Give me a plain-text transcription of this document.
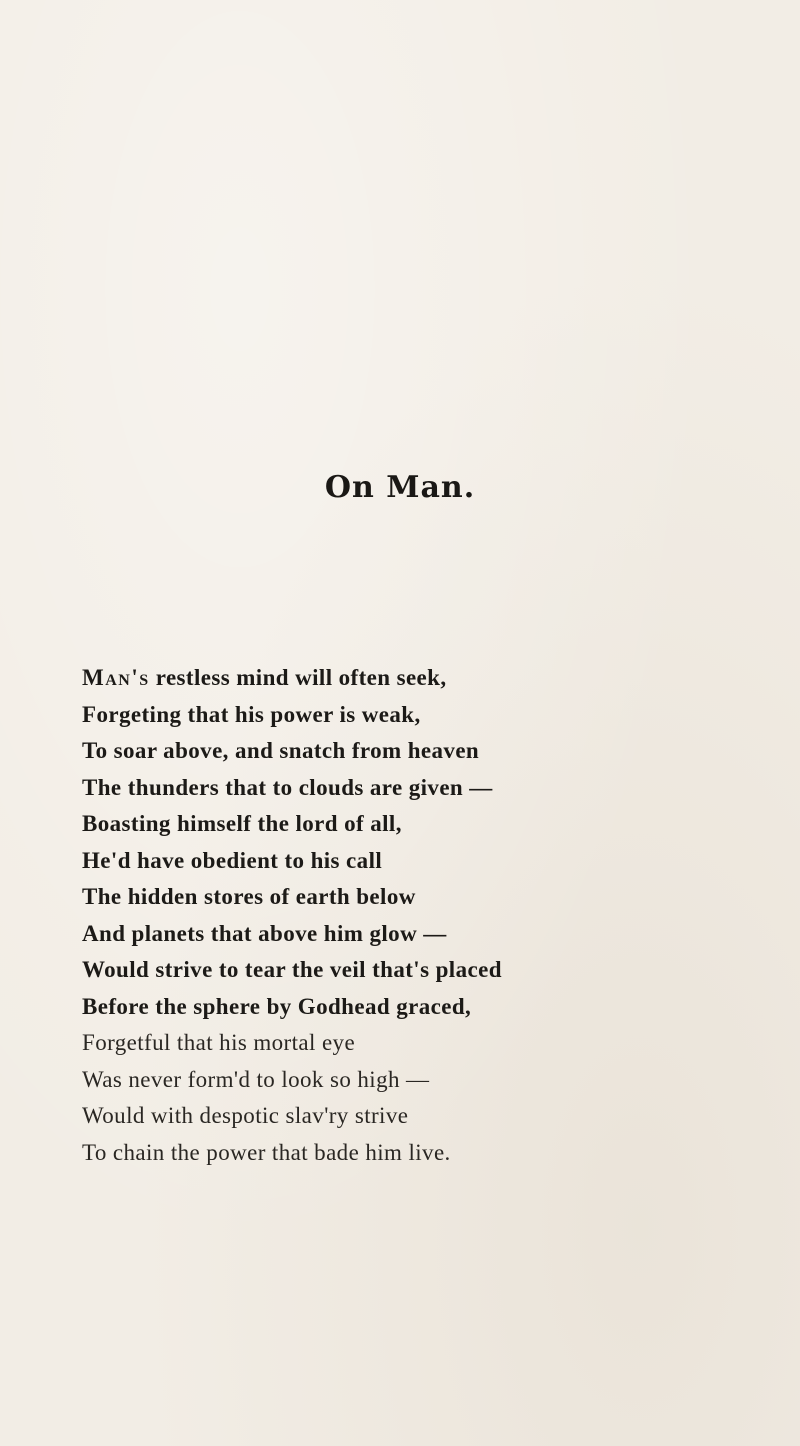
On Man.
Man's restless mind will often seek,
Forgeting that his power is weak,
To soar above, and snatch from heaven
The thunders that to clouds are given —
Boasting himself the lord of all,
He'd have obedient to his call
The hidden stores of earth below
And planets that above him glow —
Would strive to tear the veil that's placed
Before the sphere by Godhead graced,
Forgetful that his mortal eye
Was never form'd to look so high —
Would with despotic slav'ry strive
To chain the power that bade him live.
